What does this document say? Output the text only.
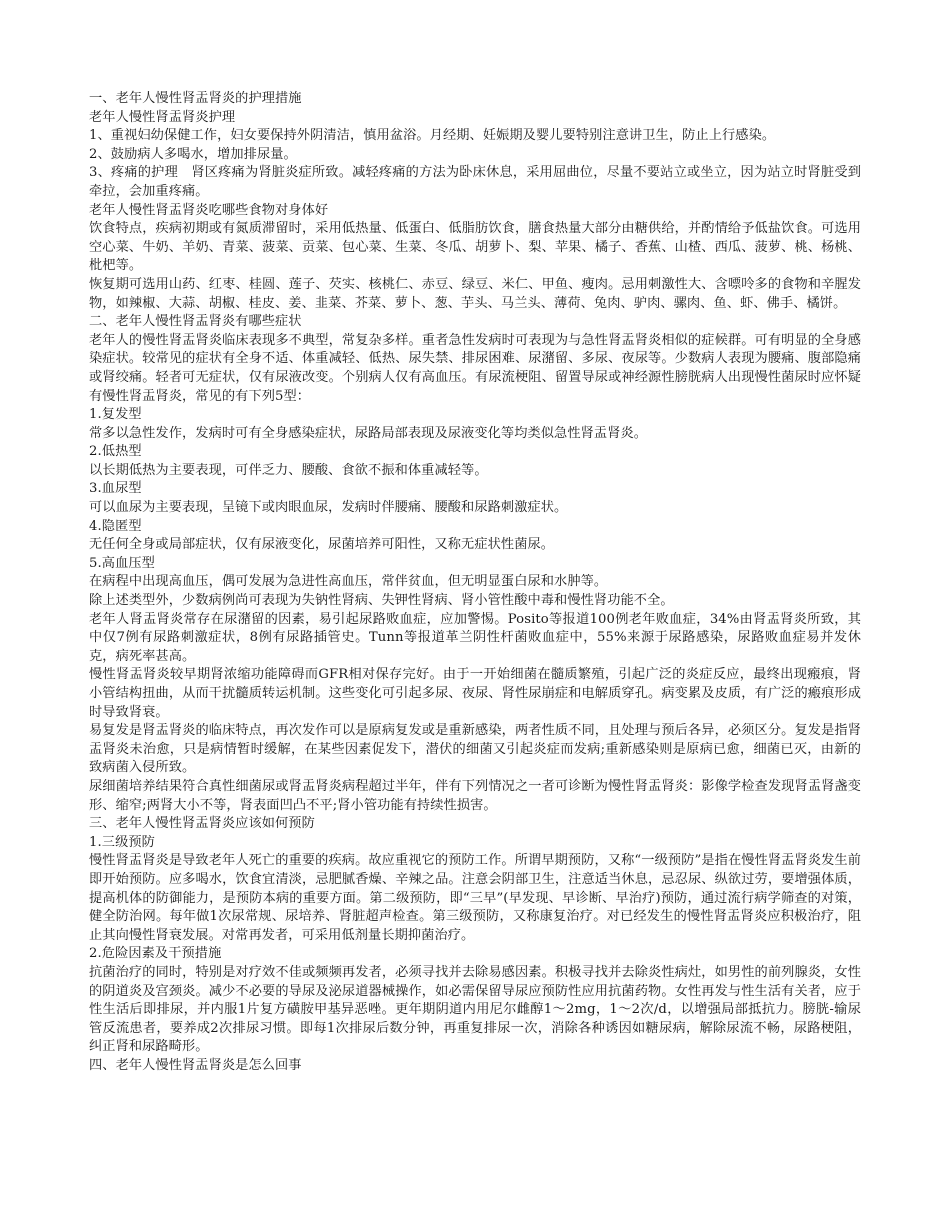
一、老年人慢性肾盂肾炎的护理措施

老年人慢性肾盂肾炎护理

1、重视妇幼保健工作，妇女要保持外阴清洁，慎用盆浴。月经期、妊娠期及婴儿要特别注意讲卫生，防止上行感染。

2、鼓励病人多喝水，增加排尿量。

3、疼痛的护理　肾区疼痛为肾脏炎症所致。减轻疼痛的方法为卧床休息，采用屈曲位，尽量不要站立或坐立，因为站立时肾脏受到牵拉，会加重疼痛。

老年人慢性肾盂肾炎吃哪些食物对身体好

饮食特点，疾病初期或有氮质滞留时，采用低热量、低蛋白、低脂肪饮食，膳食热量大部分由糖供给，并酌情给予低盐饮食。可选用空心菜、牛奶、羊奶、青菜、菠菜、贡菜、包心菜、生菜、冬瓜、胡萝卜、梨、苹果、橘子、香蕉、山楂、西瓜、菠萝、桃、杨桃、枇杷等。

恢复期可选用山药、红枣、桂圆、莲子、芡实、核桃仁、赤豆、绿豆、米仁、甲鱼、瘦肉。忌用刺激性大、含嘌呤多的食物和辛腥发物，如辣椒、大蒜、胡椒、桂皮、姜、韭菜、芥菜、萝卜、葱、芋头、马兰头、薄荷、兔肉、驴肉、骡肉、鱼、虾、佛手、橘饼。

二、老年人慢性肾盂肾炎有哪些症状

老年人的慢性肾盂肾炎临床表现多不典型，常复杂多样。重者急性发病时可表现为与急性肾盂肾炎相似的症候群。可有明显的全身感染症状。较常见的症状有全身不适、体重减轻、低热、尿失禁、排尿困难、尿潴留、多尿、夜尿等。少数病人表现为腰痛、腹部隐痛或肾绞痛。轻者可无症状，仅有尿液改变。个别病人仅有高血压。有尿流梗阻、留置导尿或神经源性膀胱病人出现慢性菌尿时应怀疑有慢性肾盂肾炎，常见的有下列5型：

1.复发型

常多以急性发作，发病时可有全身感染症状，尿路局部表现及尿液变化等均类似急性肾盂肾炎。

2.低热型

以长期低热为主要表现，可伴乏力、腰酸、食欲不振和体重减轻等。

3.血尿型

可以血尿为主要表现，呈镜下或肉眼血尿，发病时伴腰痛、腰酸和尿路刺激症状。

4.隐匿型

无任何全身或局部症状，仅有尿液变化，尿菌培养可阳性，又称无症状性菌尿。

5.高血压型

在病程中出现高血压，偶可发展为急进性高血压，常伴贫血，但无明显蛋白尿和水肿等。

除上述类型外，少数病例尚可表现为失钠性肾病、失钾性肾病、肾小管性酸中毒和慢性肾功能不全。

老年人肾盂肾炎常存在尿潴留的因素，易引起尿路败血症，应加警惕。Posito等报道100例老年败血症，34%由肾盂肾炎所致，其中仅7例有尿路刺激症状，8例有尿路插管史。Tunn等报道革兰阴性杆菌败血症中，55%来源于尿路感染，尿路败血症易并发休克，病死率甚高。

慢性肾盂肾炎较早期肾浓缩功能障碍而GFR相对保存完好。由于一开始细菌在髓质繁殖，引起广泛的炎症反应，最终出现瘢痕，肾小管结构扭曲，从而干扰髓质转运机制。这些变化可引起多尿、夜尿、肾性尿崩症和电解质穿孔。病变累及皮质，有广泛的瘢痕形成时导致肾衰。

易复发是肾盂肾炎的临床特点，再次发作可以是原病复发或是重新感染，两者性质不同，且处理与预后各异，必须区分。复发是指肾盂肾炎未治愈，只是病情暂时缓解，在某些因素促发下，潜伏的细菌又引起炎症而发病;重新感染则是原病已愈，细菌已灭，由新的致病菌入侵所致。

尿细菌培养结果符合真性细菌尿或肾盂肾炎病程超过半年，伴有下列情况之一者可诊断为慢性肾盂肾炎：影像学检查发现肾盂肾盏变形、缩窄;两肾大小不等，肾表面凹凸不平;肾小管功能有持续性损害。

三、老年人慢性肾盂肾炎应该如何预防

1.三级预防

慢性肾盂肾炎是导致老年人死亡的重要的疾病。故应重视它的预防工作。所谓早期预防，又称“一级预防”是指在慢性肾盂肾炎发生前即开始预防。应多喝水，饮食宜清淡，忌肥腻香燥、辛辣之品。注意会阴部卫生，注意适当休息，忌忍尿、纵欲过劳，要增强体质，提高机体的防御能力，是预防本病的重要方面。第二级预防，即“三早”(早发现、早诊断、早治疗)预防，通过流行病学筛查的对策，健全防治网。每年做1次尿常规、尿培养、肾脏超声检查。第三级预防，又称康复治疗。对已经发生的慢性肾盂肾炎应积极治疗，阻止其向慢性肾衰发展。对常再发者，可采用低剂量长期抑菌治疗。

2.危险因素及干预措施

抗菌治疗的同时，特别是对疗效不佳或频频再发者，必须寻找并去除易感因素。积极寻找并去除炎性病灶，如男性的前列腺炎，女性的阴道炎及宫颈炎。减少不必要的导尿及泌尿道器械操作，如必需保留导尿应预防性应用抗菌药物。女性再发与性生活有关者，应于性生活后即排尿，并内服1片复方磺胺甲基异恶唑。更年期阴道内用尼尔雌醇1～2mg，1～2次/d，以增强局部抵抗力。膀胱-输尿管反流患者，要养成2次排尿习惯。即每1次排尿后数分钟，再重复排尿一次，消除各种诱因如糖尿病，解除尿流不畅，尿路梗阻，纠正肾和尿路畸形。

四、老年人慢性肾盂肾炎是怎么回事
